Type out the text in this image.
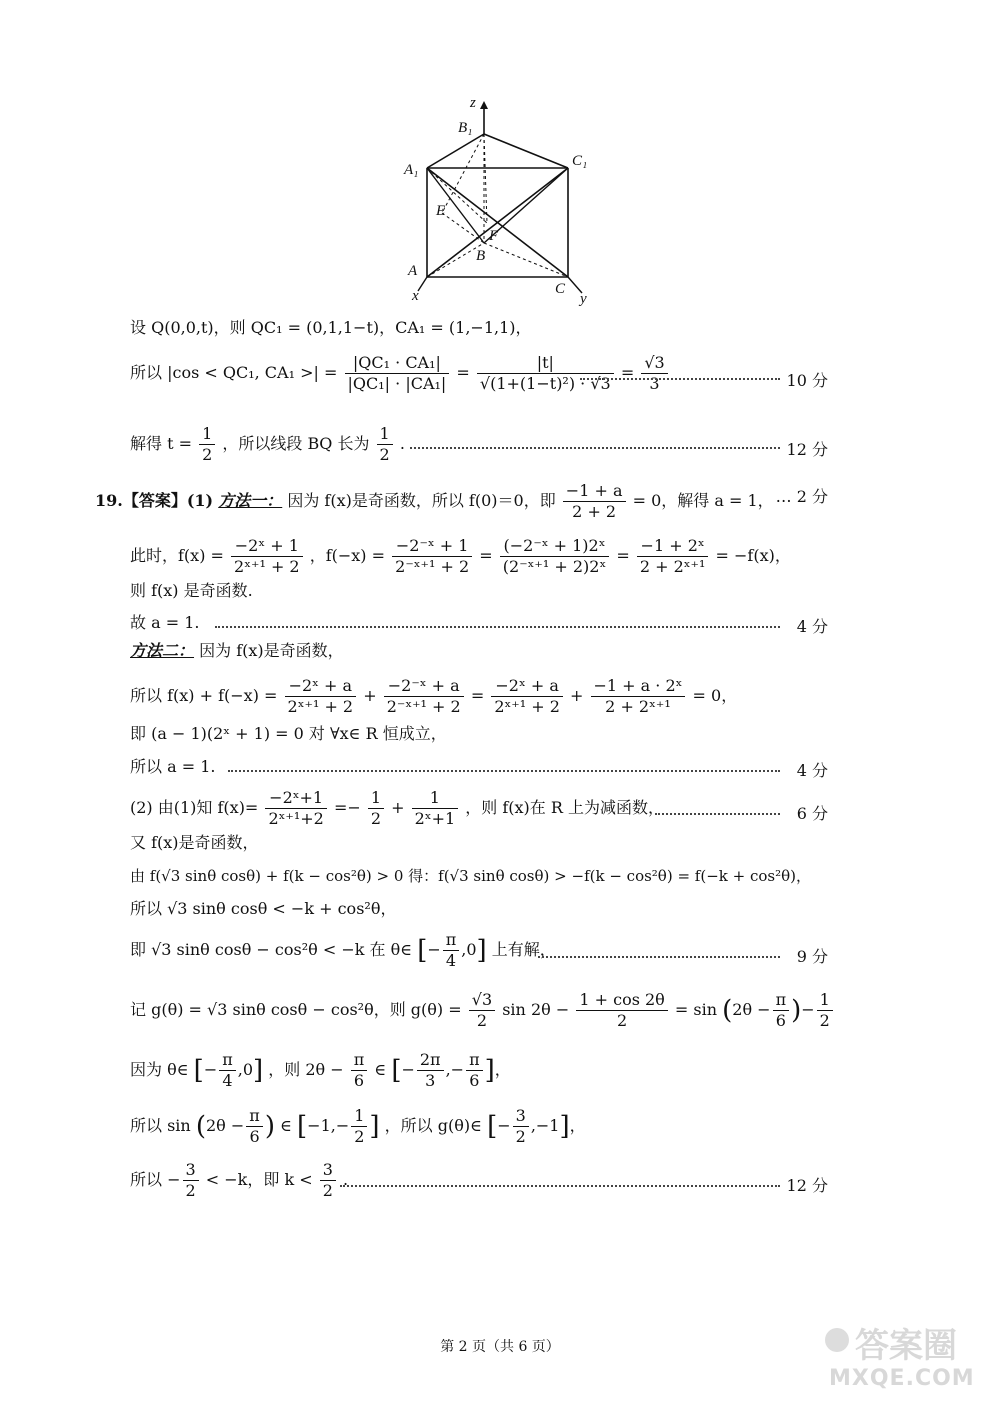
z
B₁
C₁
A₁
E
F
B
A
C
x	y
设 Q(0,0,t)，则 QC₁ = (0,1,1−t)，CA₁ = (1,−1,1)，
所以 |cos < QC₁, CA₁ >| = $\frac{\text{|QC₁ · CA₁|}}{\text{|QC₁| · |CA₁|}} = \frac{|t|}{\text{√(1+(1−t)²) · √3}} = \frac{√3}{3}$	10 分
解得 $t = \frac{1}{2}$ ，所以线段 BQ 长为 $\frac{1}{2}$ .	12 分
19.【答案】(1) 方法一： 因为 f(x)是奇函数，所以 f(0)＝0，即 $\frac{-1 + a}{2 + 2} = 0$，解得 a = 1， … 2 分
此时，$f(x) = \frac{\text{−2ˣ + 1}}{\text{2ˣ⁺¹ + 2}}$ ，$f(-x) = \frac{\text{−2⁻ˣ + 1}}{\text{2⁻ˣ⁺¹ + 2}} = \frac{\text{(−2⁻ˣ + 1)2ˣ}}{\text{(2⁻ˣ⁺¹ + 2)2ˣ}} = \frac{\text{−1 + 2ˣ}}{\text{2 + 2ˣ⁺¹}} = -f(x)$，
则 f(x) 是奇函数.
故 a = 1.	4 分
方法二： 因为 f(x)是奇函数，
所以 $f(x) + f(-x) = \frac{\text{−2ˣ + a}}{\text{2ˣ⁺¹ + 2}} + \frac{\text{−2⁻ˣ + a}}{\text{2⁻ˣ⁺¹ + 2}} = \frac{\text{−2ˣ + a}}{\text{2ˣ⁺¹ + 2}} + \frac{\text{−1 + a · 2ˣ}}{\text{2 + 2ˣ⁺¹}} = 0$，
即 (a − 1)(2ˣ + 1) = 0 对 ∀x∈ R 恒成立，
所以 a = 1.	4 分
(2) 由(1)知 $f(x)= \frac{\text{−2ˣ+1}}{\text{2ˣ⁺¹+2}} =- \frac{1}{2} + \frac{1}{\text{2ˣ+1}}$ ，则 f(x)在 R 上为减函数，	6 分
又 f(x)是奇函数，
由 f(√3 sinθ cosθ) + f(k − cos²θ) > 0 得：f(√3 sinθ cosθ) > −f(k − cos²θ) = f(−k + cos²θ)，
所以 √3 sinθ cosθ < −k + cos²θ，
即 √3 sinθ cosθ − cos²θ < −k 在 θ∈ [− $\frac{\pi}{4} ,0$] 上有解，	9 分
记 g(θ) = √3 sinθ cosθ − cos²θ，则 $g(\theta) = \frac{√3}{2}$ $\sin 2\theta - \frac{1 + \cos 2\theta}{2} = \sin (2\theta - \frac{\pi}{6}$ )− $\frac{1}{2}$
因为 θ∈ [− $\frac{\pi}{4} ,0$] ，则 $2\theta - \frac{\pi}{6}$ ∈ [− $\frac{2\pi}{3}$ ,− $\frac{\pi}{6}$ ]，
所以 $\sin (2\theta - \frac{\pi}{6}$ ) ∈ [$-1,- \frac{1}{2}$ ] ，所以 g(θ)∈ [− $\frac{3}{2} ,-1$]，
所以 − $\frac{3}{2} < -k$，即 $k < \frac{3}{2}$ .	12 分
第 2 页（共 6 页）	答案圈
MXQE.COM
